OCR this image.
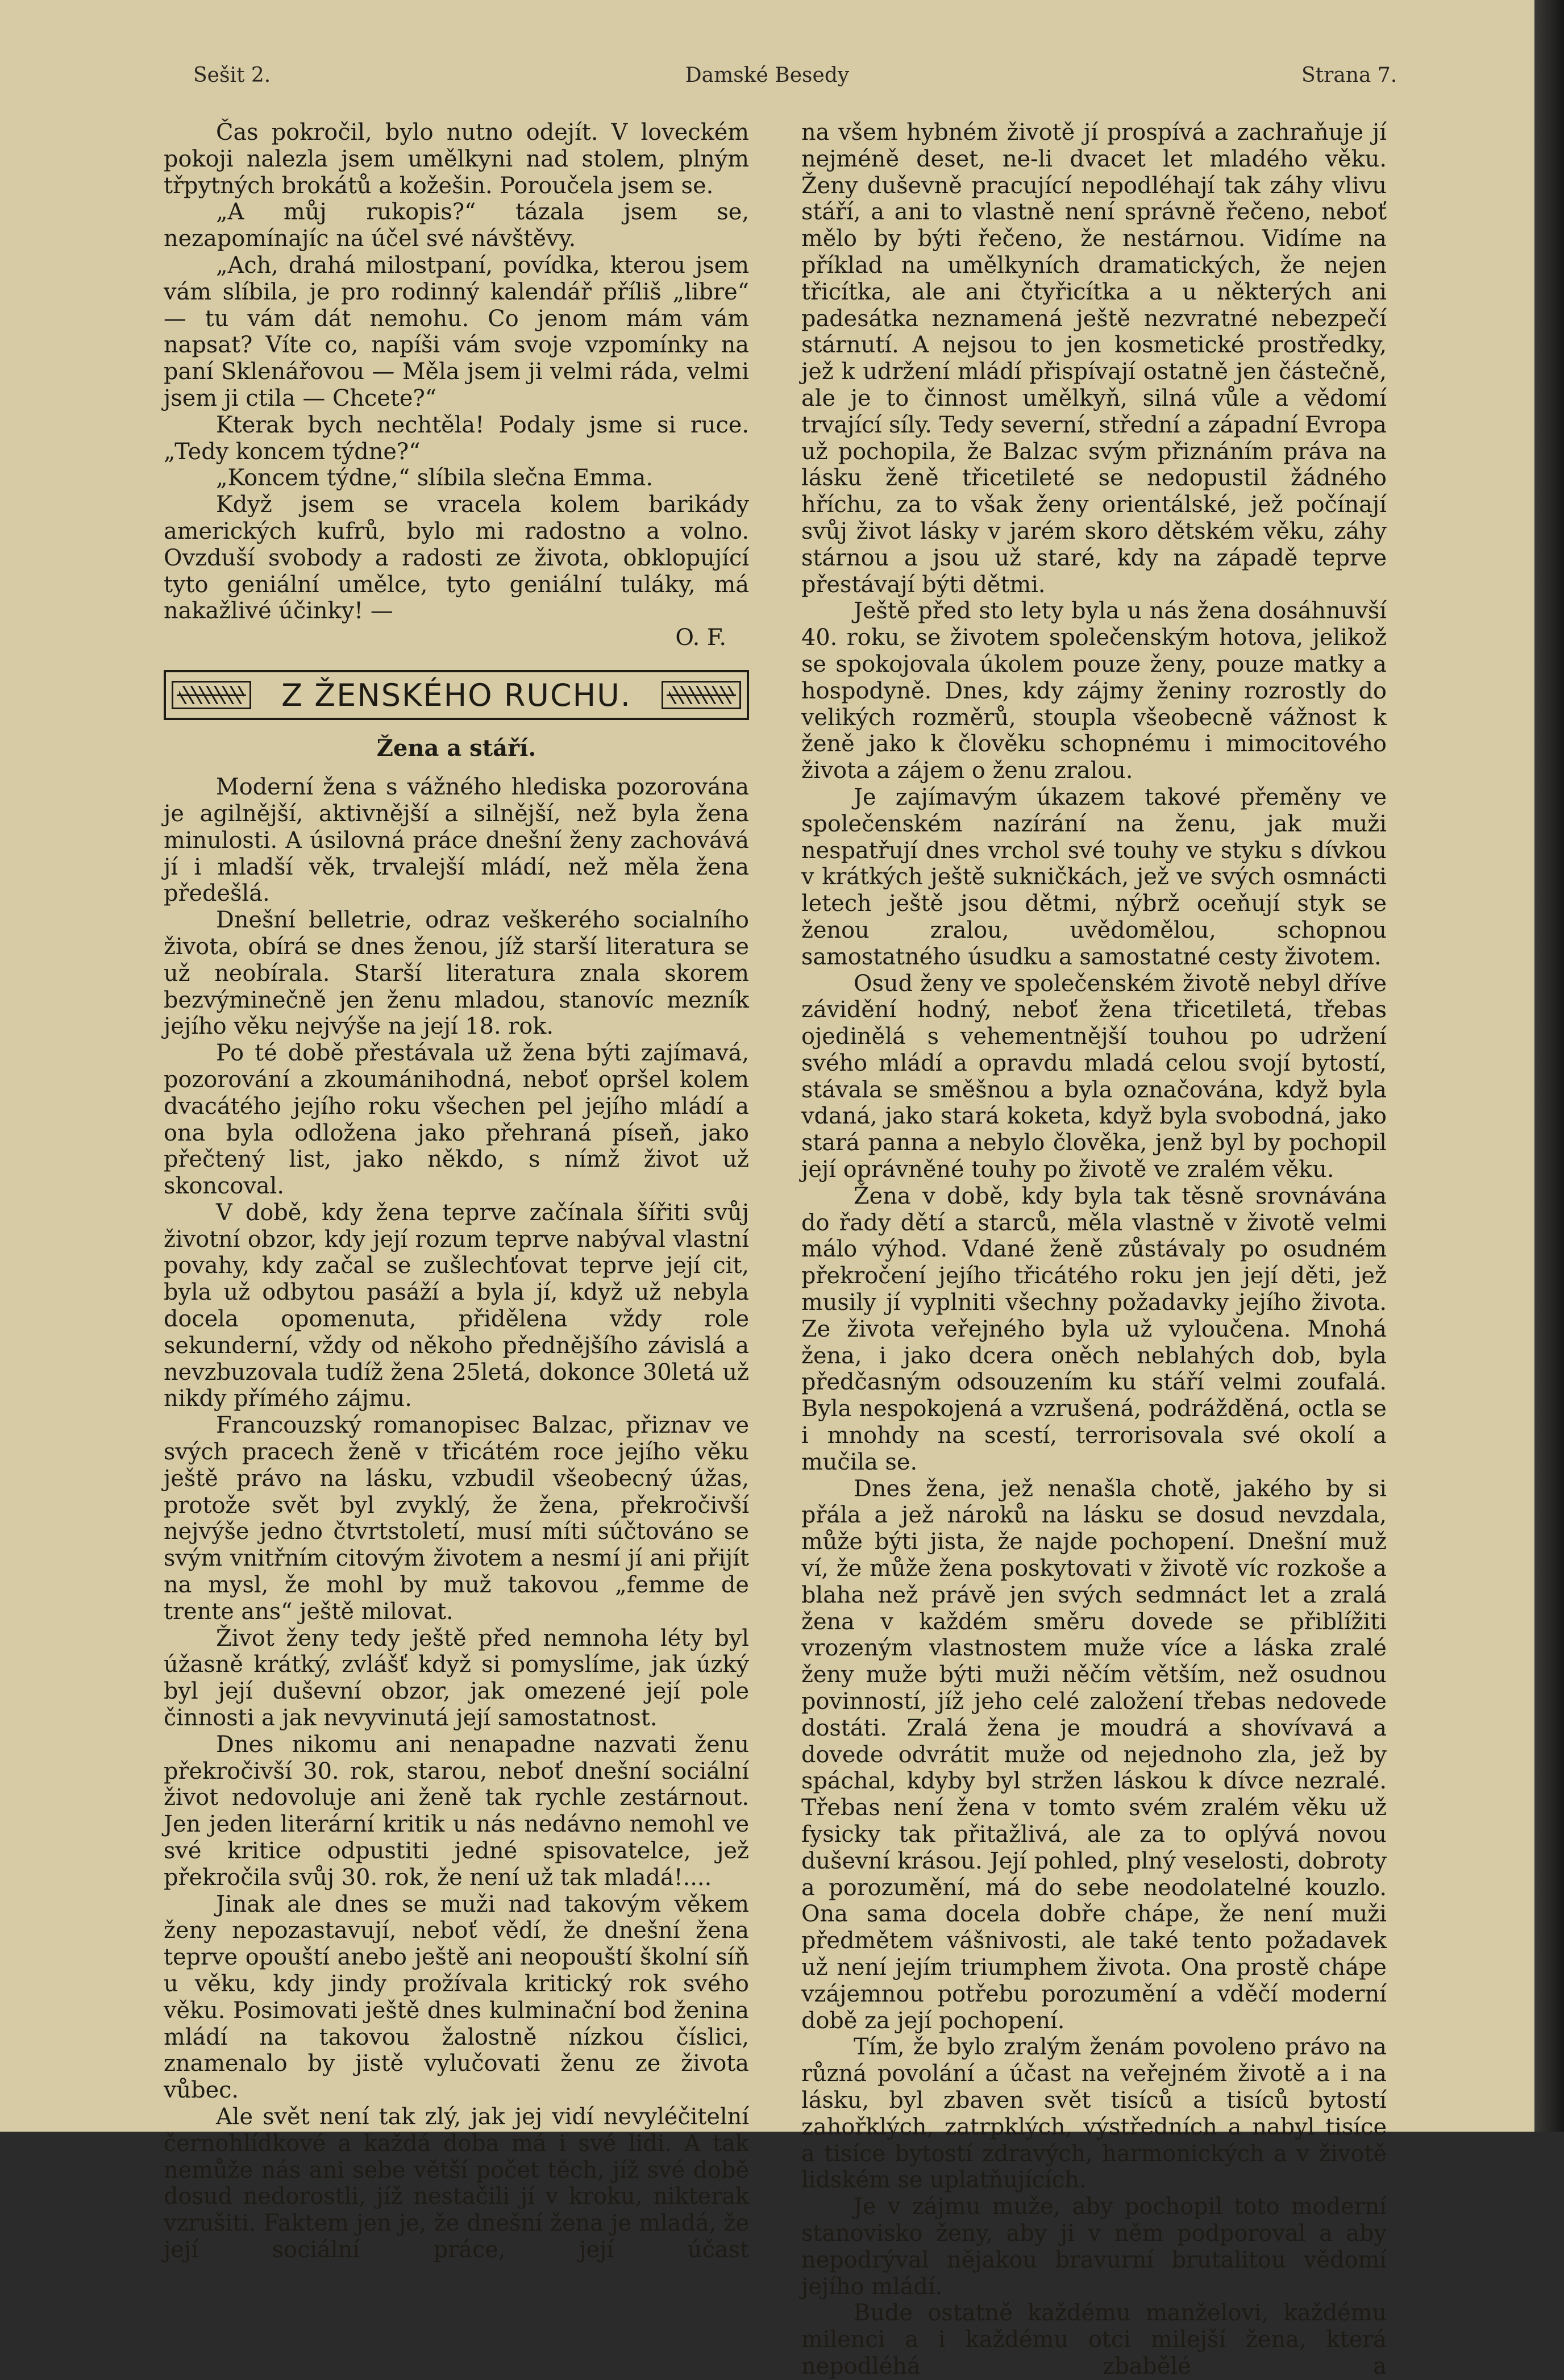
Sešit 2.	Damské Besedy	Strana 7.

Čas pokročil, bylo nutno odejít. V loveckém pokoji nalezla jsem umělkyni nad stolem, plným třpytných brokátů a kožešin. Poroučela jsem se.

„A můj rukopis?“ tázala jsem se, nezapomínajíc na účel své návštěvy.

„Ach, drahá milostpaní, povídka, kterou jsem vám slíbila, je pro rodinný kalendář příliš „libre“ — tu vám dát nemohu. Co jenom mám vám napsat? Víte co, napíši vám svoje vzpomínky na paní Sklenářovou — Měla jsem ji velmi ráda, velmi jsem ji ctila — Chcete?“

Kterak bych nechtěla! Podaly jsme si ruce. „Tedy koncem týdne?“

„Koncem týdne,“ slíbila slečna Emma.

Když jsem se vracela kolem barikády amerických kufrů, bylo mi radostno a volno. Ovzduší svobody a radosti ze života, obklopující tyto geniální umělce, tyto geniální tuláky, má nakažlivé účinky! —

O. F.
Z ŽENSKÉHO RUCHU.
Žena a stáří.

Moderní žena s vážného hlediska pozorována je agilnější, aktivnější a silnější, než byla žena minulosti. A úsilovná práce dnešní ženy zachovává jí i mladší věk, trvalejší mládí, než měla žena předešlá.

Dnešní belletrie, odraz veškerého socialního života, obírá se dnes ženou, jíž starší literatura se už neobírala. Starší literatura znala skorem bezvýminečně jen ženu mladou, stanovíc mezník jejího věku nejvýše na její 18. rok.

Po té době přestávala už žena býti zajímavá, pozorování a zkoumánihodná, neboť opršel kolem dvacátého jejího roku všechen pel jejího mládí a ona byla odložena jako přehraná píseň, jako přečtený list, jako někdo, s nímž život už skoncoval.

V době, kdy žena teprve začínala šířiti svůj životní obzor, kdy její rozum teprve nabýval vlastní povahy, kdy začal se zušlechťovat teprve její cit, byla už odbytou pasáží a byla jí, když už nebyla docela opomenuta, přidělena vždy role sekunderní, vždy od někoho přednějšího závislá a nevzbuzovala tudíž žena 25letá, dokonce 30letá už nikdy přímého zájmu.

Francouzský romanopisec Balzac, přiznav ve svých pracech ženě v třicátém roce jejího věku ještě právo na lásku, vzbudil všeobecný úžas, protože svět byl zvyklý, že žena, překročivší nejvýše jedno čtvrtstoletí, musí míti súčtováno se svým vnitřním citovým životem a nesmí jí ani přijít na mysl, že mohl by muž takovou „femme de trente ans“ ještě milovat.

Život ženy tedy ještě před nemnoha léty byl úžasně krátký, zvlášť když si pomyslíme, jak úzký byl její duševní obzor, jak omezené její pole činnosti a jak nevyvinutá její samostatnost.

Dnes nikomu ani nenapadne nazvati ženu překročivší 30. rok, starou, neboť dnešní sociální život nedovoluje ani ženě tak rychle zestárnout. Jen jeden literární kritik u nás nedávno nemohl ve své kritice odpustiti jedné spisovatelce, jež překročila svůj 30. rok, že není už tak mladá!....

Jinak ale dnes se muži nad takovým věkem ženy nepozastavují, neboť vědí, že dnešní žena teprve opouští anebo ještě ani neopouští školní síň u věku, kdy jindy prožívala kritický rok svého věku. Posimovati ještě dnes kulminační bod ženina mládí na takovou žalostně nízkou číslici, znamenalo by jistě vylučovati ženu ze života vůbec.

Ale svět není tak zlý, jak jej vidí nevyléčitelní černohlídkové a každá doba má i své lidi. A tak nemůže nás ani sebe větší počet těch, jíž své době dosud nedorostli, jíž nestačili jí v kroku, nikterak vzrušiti. Faktem jen je, že dnešní žena je mladá, že její sociální práce, její účast

na všem hybném životě jí prospívá a zachraňuje jí nejméně deset, ne-li dvacet let mladého věku. Ženy duševně pracující nepodléhají tak záhy vlivu stáří, a ani to vlastně není správně řečeno, neboť mělo by býti řečeno, že nestárnou. Vidíme na příklad na umělkyních dramatických, že nejen třicítka, ale ani čtyřicítka a u některých ani padesátka neznamená ještě nezvratné nebezpečí stárnutí. A nejsou to jen kosmetické prostředky, jež k udržení mládí přispívají ostatně jen částečně, ale je to činnost umělkyň, silná vůle a vědomí trvající síly. Tedy severní, střední a západní Evropa už pochopila, že Balzac svým přiznáním práva na lásku ženě třicetileté se nedopustil žádného hříchu, za to však ženy orientálské, jež počínají svůj život lásky v jarém skoro dětském věku, záhy stárnou a jsou už staré, kdy na západě teprve přestávají býti dětmi.

Ještě před sto lety byla u nás žena dosáhnuvší 40. roku, se životem společenským hotova, jelikož se spokojovala úkolem pouze ženy, pouze matky a hospodyně. Dnes, kdy zájmy ženiny rozrostly do velikých rozměrů, stoupla všeobecně vážnost k ženě jako k člověku schopnému i mimocitového života a zájem o ženu zralou.

Je zajímavým úkazem takové přeměny ve společenském nazírání na ženu, jak muži nespatřují dnes vrchol své touhy ve styku s dívkou v krátkých ještě sukničkách, jež ve svých osmnácti letech ještě jsou dětmi, nýbrž oceňují styk se ženou zralou, uvědomělou, schopnou samostatného úsudku a samostatné cesty životem.

Osud ženy ve společenském životě nebyl dříve závidění hodný, neboť žena třicetiletá, třebas ojedinělá s vehementnější touhou po udržení svého mládí a opravdu mladá celou svojí bytostí, stávala se směšnou a byla označována, když byla vdaná, jako stará koketa, když byla svobodná, jako stará panna a nebylo člověka, jenž byl by pochopil její oprávněné touhy po životě ve zralém věku.

Žena v době, kdy byla tak těsně srovnávána do řady dětí a starců, měla vlastně v životě velmi málo výhod. Vdané ženě zůstávaly po osudném překročení jejího třicátého roku jen její děti, jež musily jí vyplniti všechny požadavky jejího života. Ze života veřejného byla už vyloučena. Mnohá žena, i jako dcera oněch neblahých dob, byla předčasným odsouzením ku stáří velmi zoufalá. Byla nespokojená a vzrušená, podrážděná, octla se i mnohdy na scestí, terrorisovala své okolí a mučila se.

Dnes žena, jež nenašla chotě, jakého by si přála a jež nároků na lásku se dosud nevzdala, může býti jista, že najde pochopení. Dnešní muž ví, že může žena poskytovati v životě víc rozkoše a blaha než právě jen svých sedmnáct let a zralá žena v každém směru dovede se přiblížiti vrozeným vlastnostem muže více a láska zralé ženy muže býti muži něčím větším, než osudnou povinností, jíž jeho celé založení třebas nedovede dostáti. Zralá žena je moudrá a shovívavá a dovede odvrátit muže od nejednoho zla, jež by spáchal, kdyby byl stržen láskou k dívce nezralé. Třebas není žena v tomto svém zralém věku už fysicky tak přitažlivá, ale za to oplývá novou duševní krásou. Její pohled, plný veselosti, dobroty a porozumění, má do sebe neodolatelné kouzlo. Ona sama docela dobře chápe, že není muži předmětem vášnivosti, ale také tento požadavek už není jejím triumphem života. Ona prostě chápe vzájemnou potřebu porozumění a vděčí moderní době za její pochopení.

Tím, že bylo zralým ženám povoleno právo na různá povolání a účast na veřejném životě a i na lásku, byl zbaven svět tisíců a tisíců bytostí zahořklých, zatrpklých, výstředních a nabyl tisíce a tisíce bytostí zdravých, harmonických a v životě lidském se uplatňujících.

Je v zájmu muže, aby pochopil toto moderní stanovisko ženy, aby ji v něm podporoval a aby nepodrýval nějakou bravurní brutalitou vědomí jejího mládí.

Bude ostatně každému manželovi, každému milenci a i každému otci milejší žena, která nepodléhá zbabělé a
